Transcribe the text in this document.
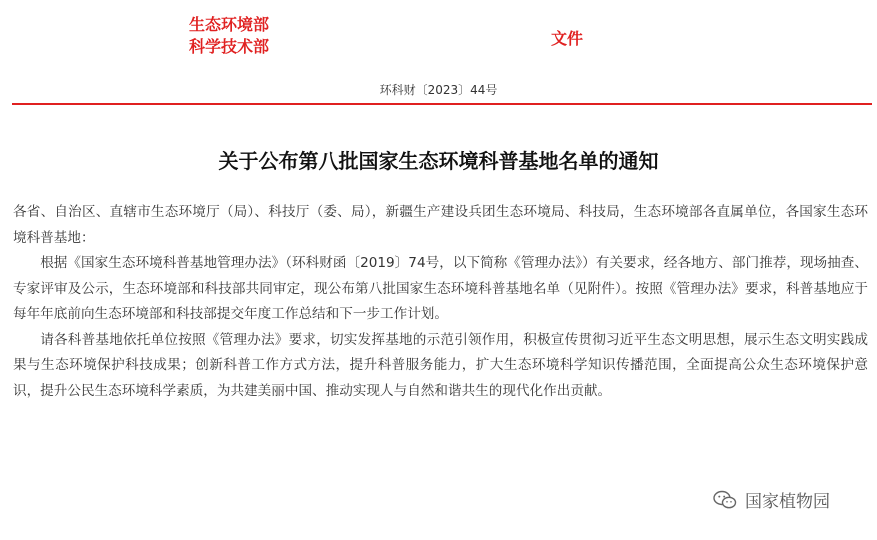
生态环境部
科学技术部	文件
环科财〔2023〕44号
关于公布第八批国家生态环境科普基地名单的通知

各省、自治区、直辖市生态环境厅（局）、科技厅（委、局），新疆生产建设兵团生态环境局、科技局，生态环境部各直属单位，各国家生态环境科普基地：

根据《国家生态环境科普基地管理办法》（环科财函〔2019〕74号，以下简称《管理办法》）有关要求，经各地方、部门推荐，现场抽查、专家评审及公示，生态环境部和科技部共同审定，现公布第八批国家生态环境科普基地名单（见附件）。按照《管理办法》要求，科普基地应于每年年底前向生态环境部和科技部提交年度工作总结和下一步工作计划。

请各科普基地依托单位按照《管理办法》要求，切实发挥基地的示范引领作用，积极宣传贯彻习近平生态文明思想，展示生态文明实践成果与生态环境保护科技成果；创新科普工作方式方法，提升科普服务能力，扩大生态环境科学知识传播范围，全面提高公众生态环境保护意识，提升公民生态环境科学素质，为共建美丽中国、推动实现人与自然和谐共生的现代化作出贡献。

国家植物园
